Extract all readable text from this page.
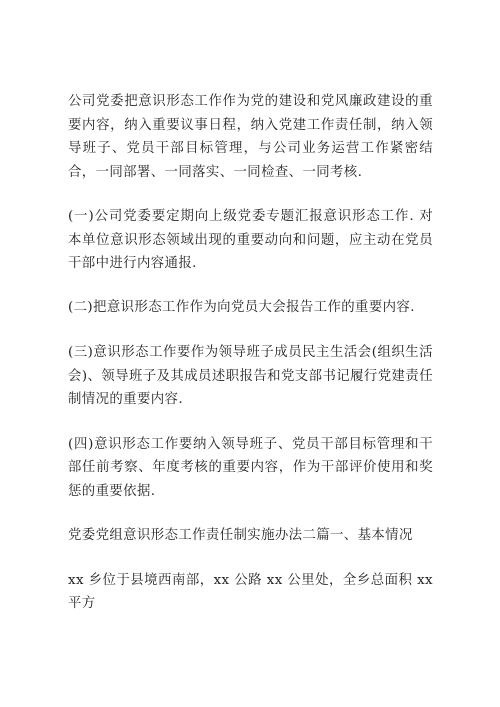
公司党委把意识形态工作作为党的建设和党风廉政建设的重要内容，纳入重要议事日程，纳入党建工作责任制，纳入领导班子、党员干部目标管理，与公司业务运营工作紧密结合，一同部署、一同落实、一同检查、一同考核.

(一)公司党委要定期向上级党委专题汇报意识形态工作. 对本单位意识形态领域出现的重要动向和问题，应主动在党员干部中进行内容通报.

(二)把意识形态工作作为向党员大会报告工作的重要内容.

(三)意识形态工作要作为领导班子成员民主生活会(组织生活会)、领导班子及其成员述职报告和党支部书记履行党建责任制情况的重要内容.

(四)意识形态工作要纳入领导班子、党员干部目标管理和干部任前考察、年度考核的重要内容，作为干部评价使用和奖惩的重要依据.

党委党组意识形态工作责任制实施办法二篇一、基本情况

xx 乡位于县境西南部，xx 公路 xx 公里处，全乡总面积 xx 平方
